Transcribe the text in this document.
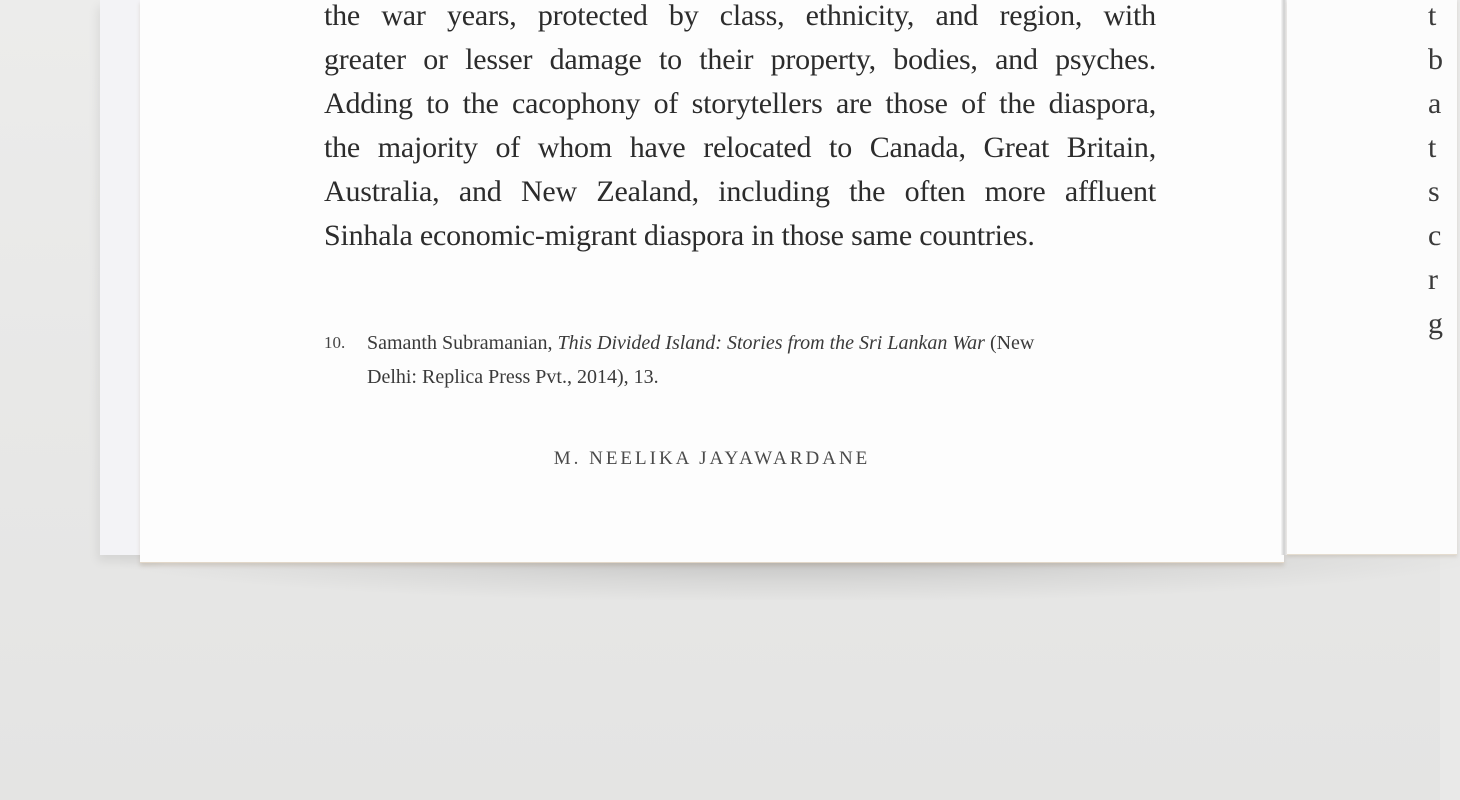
the war years, protected by class, ethnicity, and region, with
greater or lesser damage to their property, bodies, and psyches.
Adding to the cacophony of storytellers are those of the diaspora,
the majority of whom have relocated to Canada, Great Britain,
Australia, and New Zealand, including the often more affluent
Sinhala economic-migrant diaspora in those same countries.
10. Samanth Subramanian, This Divided Island: Stories from the Sri Lankan War (New
Delhi: Replica Press Pvt., 2014), 13.
M. NEELIKA JAYAWARDANE
t
b
a
t
s
c
r
g
